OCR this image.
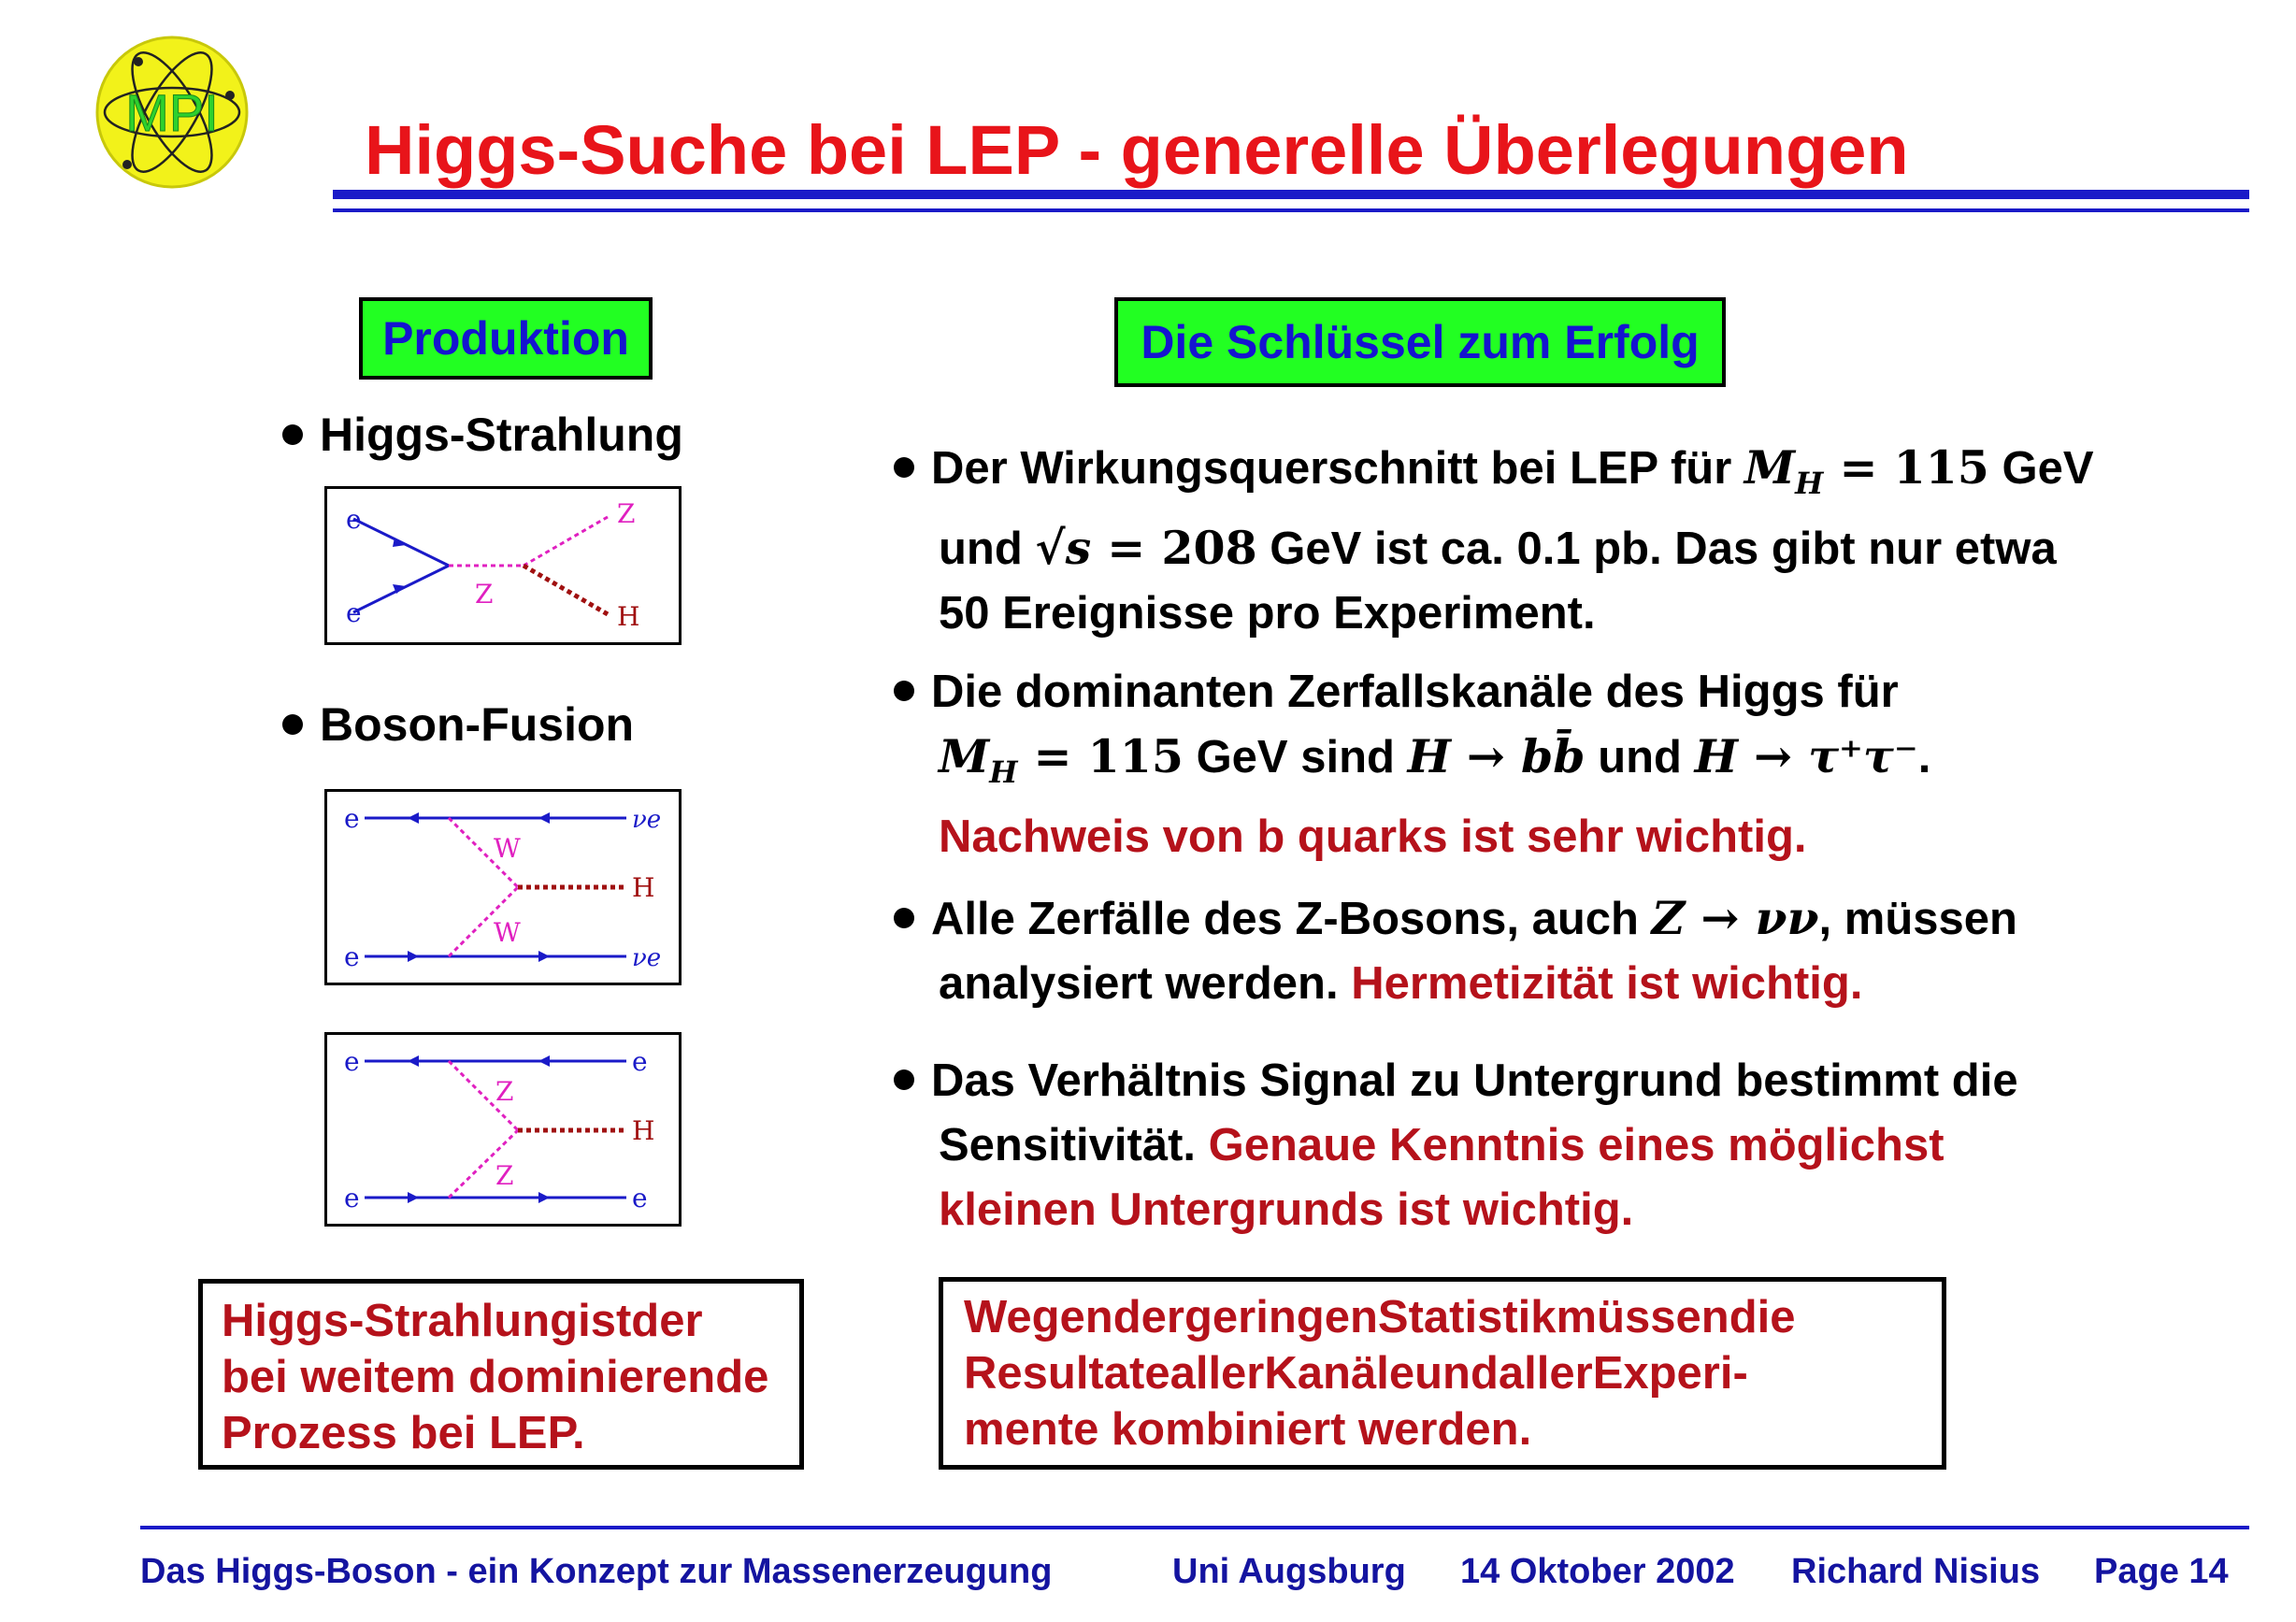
MPI Higgs-Suche bei LEP - generelle Überlegungen
Produktion	Die Schlüssel zum Erfolg
Higgs-Strahlung
e
e
Z
Z
H
Boson-Fusion
e
e
νe
νe
W
W
H
e
e
e
e
Z
Z
H
Higgs-Strahlungistder
bei weitem dominierende
Prozess bei LEP.
Der Wirkungsquerschnitt bei LEP für $M_H = 115$ GeV
und √s = 208 GeV ist ca. 0.1 pb. Das gibt nur etwa
50 Ereignisse pro Experiment.
Die dominanten Zerfallskanäle des Higgs für
$M_H = 115$ GeV sind H → bb̄ und H → τ⁺τ⁻.
Nachweis von b quarks ist sehr wichtig.
Alle Zerfälle des Z-Bosons, auch Z → νν, müssen
analysiert werden. Hermetizität ist wichtig.
Das Verhältnis Signal zu Untergrund bestimmt die
Sensitivität. Genaue Kenntnis eines möglichst
kleinen Untergrunds ist wichtig.
WegendergeringenStatistikmüssendie
ResultateallerKanäleundallerExperi-
mente kombiniert werden.
Das Higgs-Boson - ein Konzept zur Massenerzeugung	Uni Augsburg 14 Oktober 2002 Richard Nisius Page 14
